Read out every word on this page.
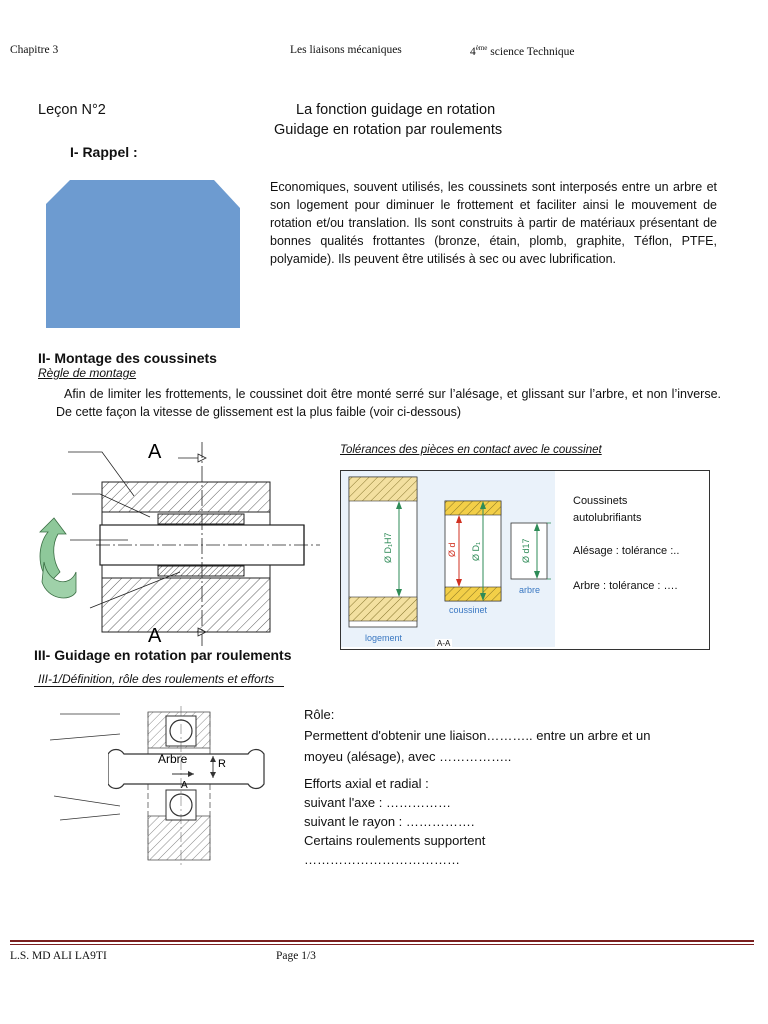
Chapitre 3	Les liaisons mécaniques	4ème science Technique
Leçon N°2	La fonction guidage en rotation
Guidage en rotation par roulements
I- Rappel :
Economiques, souvent utilisés, les coussinets sont interposés entre un arbre et son logement pour diminuer le frottement et faciliter ainsi le mouvement de rotation et/ou translation. Ils sont construits à partir de matériaux présentant de bonnes qualités frottantes (bronze, étain, plomb, graphite, Téflon, PTFE, polyamide). Ils peuvent être utilisés à sec ou avec lubrification.
II- Montage des coussinets
Règle de montage
Afin de limiter les frottements, le coussinet doit être monté serré sur l’alésage, et glissant sur l’arbre, et non l’inverse. De cette façon la vitesse de glissement est la plus faible (voir ci-dessous)
A
A
Tolérances des pièces en contact avec le coussinet
Ø D₁H7	Ø d Ø D₁	Ø d17
logement
coussinet
arbre
A-A
Coussinets
autolubrifiants
Alésage : tolérance :..
Arbre : tolérance : ….
III- Guidage en rotation par roulements
III-1/Définition, rôle des roulements et efforts
Arbre	R
A
Rôle:
Permettent d'obtenir une liaison……….. entre un arbre et un
moyeu (alésage), avec ……………..
Efforts axial et radial :
suivant l'axe : ……………
suivant le rayon : …………….
Certains roulements supportent
………………………………
L.S. MD ALI LA9TI	Page 1/3
